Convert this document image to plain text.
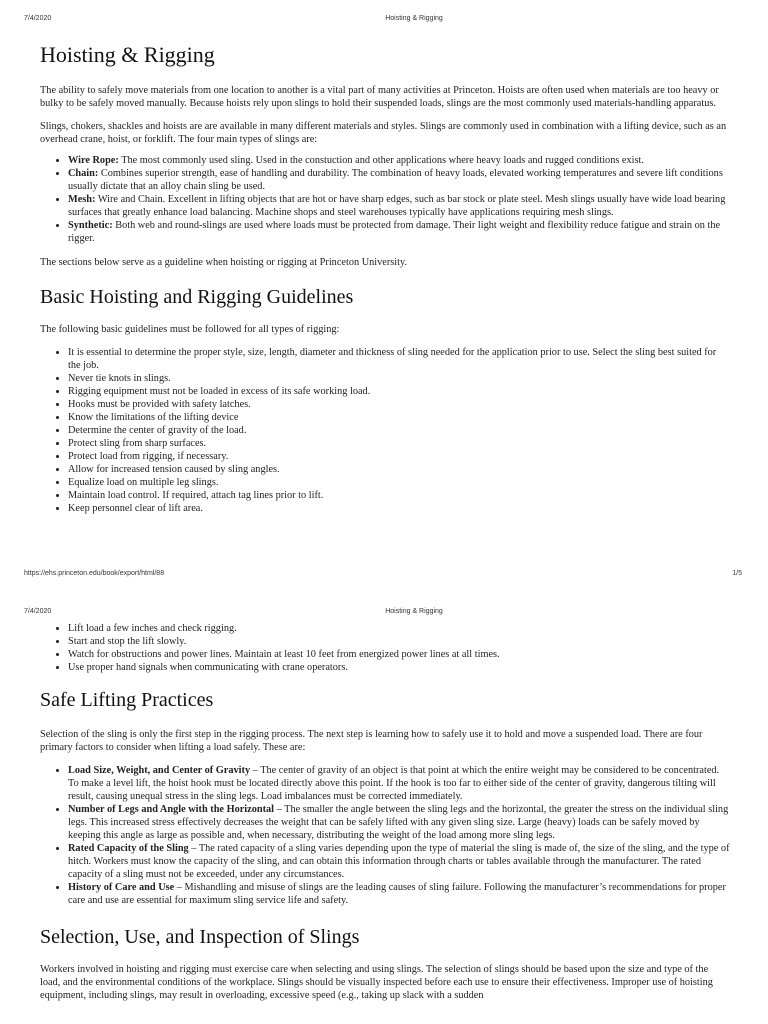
7/4/2020	Hoisting & Rigging
Hoisting & Rigging

The ability to safely move materials from one location to another is a vital part of many activities at Princeton. Hoists are often used when materials are too heavy or bulky to be safely moved manually. Because hoists rely upon slings to hold their suspended loads, slings are the most commonly used materials-handling apparatus.

Slings, chokers, shackles and hoists are are available in many different materials and styles. Slings are commonly used in combination with a lifting device, such as an overhead crane, hoist, or forklift. The four main types of slings are:

• Wire Rope: The most commonly used sling. Used in the constuction and other applications where heavy loads and rugged conditions exist.
• Chain: Combines superior strength, ease of handling and durability. The combination of heavy loads, elevated working temperatures and severe lift conditions usually dictate that an alloy chain sling be used.
• Mesh: Wire and Chain. Excellent in lifting objects that are hot or have sharp edges, such as bar stock or plate steel. Mesh slings usually have wide load bearing surfaces that greatly enhance load balancing. Machine shops and steel warehouses typically have applications requiring mesh slings.
• Synthetic: Both web and round-slings are used where loads must be protected from damage. Their light weight and flexibility reduce fatigue and strain on the rigger.

The sections below serve as a guideline when hoisting or rigging at Princeton University.

Basic Hoisting and Rigging Guidelines

The following basic guidelines must be followed for all types of rigging:

• It is essential to determine the proper style, size, length, diameter and thickness of sling needed for the application prior to use. Select the sling best suited for the job.
• Never tie knots in slings.
• Rigging equipment must not be loaded in excess of its safe working load.
• Hooks must be provided with safety latches.
• Know the limitations of the lifting device
• Determine the center of gravity of the load.
• Protect sling from sharp surfaces.
• Protect load from rigging, if necessary.
• Allow for increased tension caused by sling angles.
• Equalize load on multiple leg slings.
• Maintain load control. If required, attach tag lines prior to lift.
• Keep personnel clear of lift area.
https://ehs.princeton.edu/book/export/html/88	1/5
7/4/2020	Hoisting & Rigging
• Lift load a few inches and check rigging.
• Start and stop the lift slowly.
• Watch for obstructions and power lines. Maintain at least 10 feet from energized power lines at all times.
• Use proper hand signals when communicating with crane operators.
Safe Lifting Practices

Selection of the sling is only the first step in the rigging process. The next step is learning how to safely use it to hold and move a suspended load. There are four primary factors to consider when lifting a load safely. These are:

• Load Size, Weight, and Center of Gravity – The center of gravity of an object is that point at which the entire weight may be considered to be concentrated. To make a level lift, the hoist hook must be located directly above this point. If the hook is too far to either side of the center of gravity, dangerous tilting will result, causing unequal stress in the sling legs. Load imbalances must be corrected immediately.
• Number of Legs and Angle with the Horizontal – The smaller the angle between the sling legs and the horizontal, the greater the stress on the individual sling legs. This increased stress effectively decreases the weight that can be safely lifted with any given sling size. Large (heavy) loads can be safely moved by keeping this angle as large as possible and, when necessary, distributing the weight of the load among more sling legs.
• Rated Capacity of the Sling – The rated capacity of a sling varies depending upon the type of material the sling is made of, the size of the sling, and the type of hitch. Workers must know the capacity of the sling, and can obtain this information through charts or tables available through the manufacturer. The rated capacity of a sling must not be exceeded, under any circumstances.
• History of Care and Use – Mishandling and misuse of slings are the leading causes of sling failure. Following the manufacturer’s recommendations for proper care and use are essential for maximum sling service life and safety.
Selection, Use, and Inspection of Slings

Workers involved in hoisting and rigging must exercise care when selecting and using slings. The selection of slings should be based upon the size and type of the load, and the environmental conditions of the workplace. Slings should be visually inspected before each use to ensure their effectiveness. Improper use of hoisting equipment, including slings, may result in overloading, excessive speed (e.g., taking up slack with a sudden
